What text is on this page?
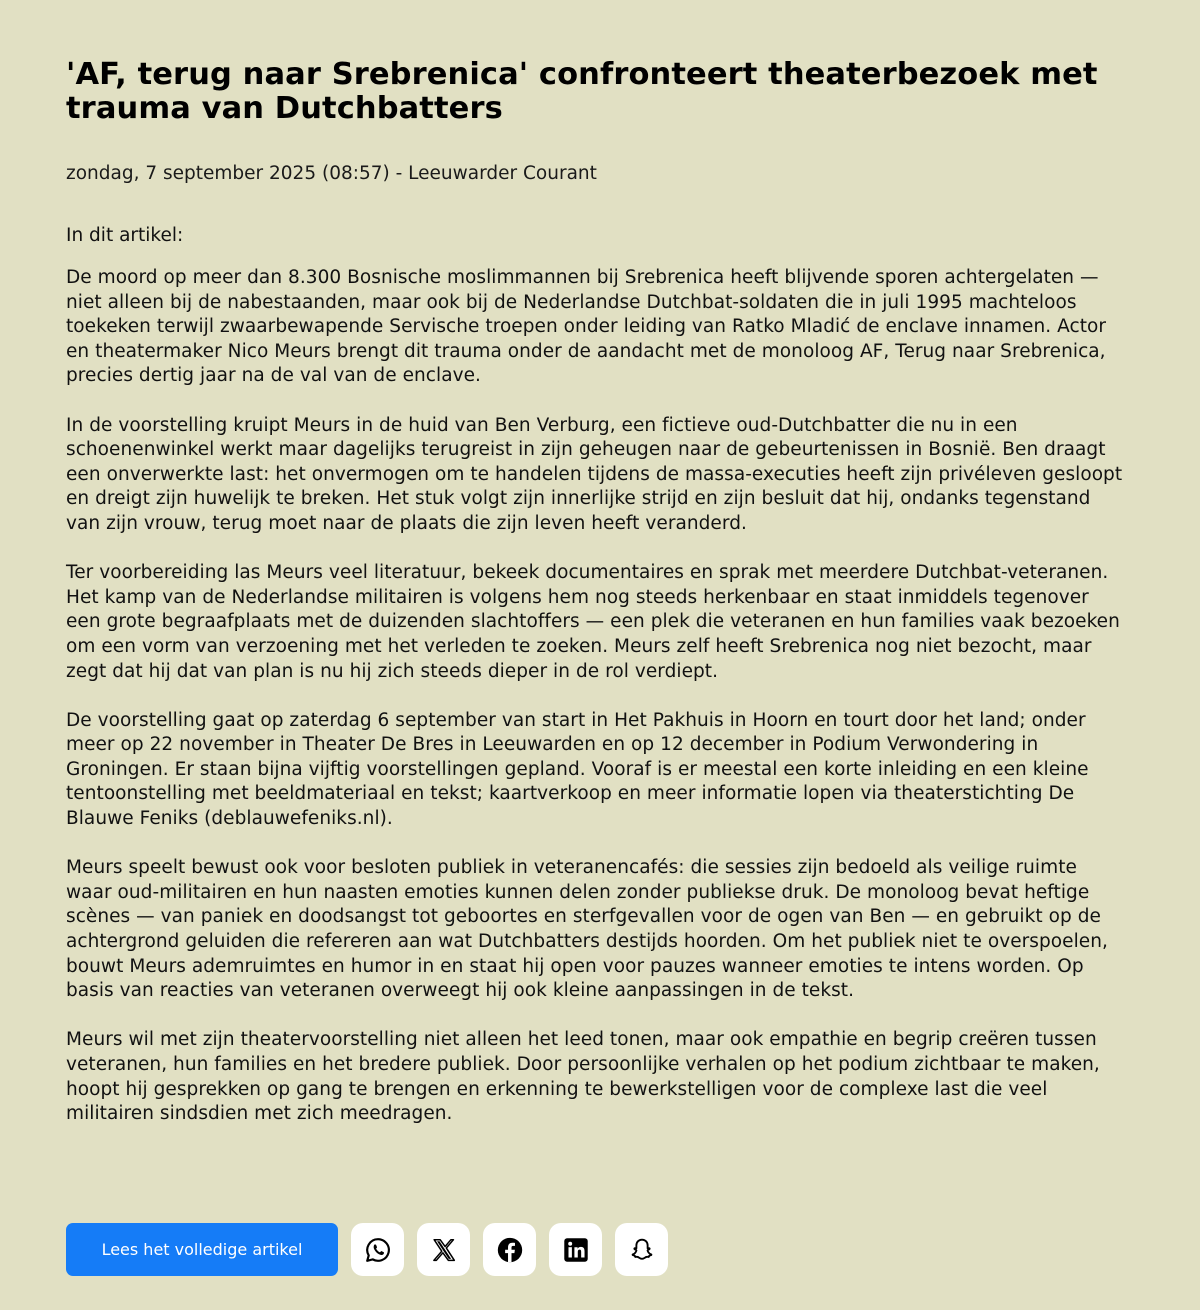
'AF, terug naar Srebrenica' confronteert theaterbezoek met trauma van Dutchbatters
zondag, 7 september 2025 (08:57) - Leeuwarder Courant
In dit artikel:

De moord op meer dan 8.300 Bosnische moslimmannen bij Srebrenica heeft blijvende sporen achtergelaten — niet alleen bij de nabestaanden, maar ook bij de Nederlandse Dutchbat-soldaten die in juli 1995 machteloos toekeken terwijl zwaarbewapende Servische troepen onder leiding van Ratko Mladić de enclave innamen. Actor en theatermaker Nico Meurs brengt dit trauma onder de aandacht met de monoloog AF, Terug naar Srebrenica, precies dertig jaar na de val van de enclave.

In de voorstelling kruipt Meurs in de huid van Ben Verburg, een fictieve oud-Dutchbatter die nu in een schoenenwinkel werkt maar dagelijks terugreist in zijn geheugen naar de gebeurtenissen in Bosnië. Ben draagt een onverwerkte last: het onvermogen om te handelen tijdens de massa-executies heeft zijn privéleven gesloopt en dreigt zijn huwelijk te breken. Het stuk volgt zijn innerlijke strijd en zijn besluit dat hij, ondanks tegenstand van zijn vrouw, terug moet naar de plaats die zijn leven heeft veranderd.

Ter voorbereiding las Meurs veel literatuur, bekeek documentaires en sprak met meerdere Dutchbat-veteranen. Het kamp van de Nederlandse militairen is volgens hem nog steeds herkenbaar en staat inmiddels tegenover een grote begraafplaats met de duizenden slachtoffers — een plek die veteranen en hun families vaak bezoeken om een vorm van verzoening met het verleden te zoeken. Meurs zelf heeft Srebrenica nog niet bezocht, maar zegt dat hij dat van plan is nu hij zich steeds dieper in de rol verdiept.

De voorstelling gaat op zaterdag 6 september van start in Het Pakhuis in Hoorn en tourt door het land; onder meer op 22 november in Theater De Bres in Leeuwarden en op 12 december in Podium Verwondering in Groningen. Er staan bijna vijftig voorstellingen gepland. Vooraf is er meestal een korte inleiding en een kleine tentoonstelling met beeldmateriaal en tekst; kaartverkoop en meer informatie lopen via theaterstichting De Blauwe Feniks (deblauwefeniks.nl).

Meurs speelt bewust ook voor besloten publiek in veteranencafés: die sessies zijn bedoeld als veilige ruimte waar oud-militairen en hun naasten emoties kunnen delen zonder publiekse druk. De monoloog bevat heftige scènes — van paniek en doodsangst tot geboortes en sterfgevallen voor de ogen van Ben — en gebruikt op de achtergrond geluiden die refereren aan wat Dutchbatters destijds hoorden. Om het publiek niet te overspoelen, bouwt Meurs ademruimtes en humor in en staat hij open voor pauzes wanneer emoties te intens worden. Op basis van reacties van veteranen overweegt hij ook kleine aanpassingen in de tekst.

Meurs wil met zijn theatervoorstelling niet alleen het leed tonen, maar ook empathie en begrip creëren tussen veteranen, hun families en het bredere publiek. Door persoonlijke verhalen op het podium zichtbaar te maken, hoopt hij gesprekken op gang te brengen en erkenning te bewerkstelligen voor de complexe last die veel militairen sindsdien met zich meedragen.

Lees het volledige artikel
